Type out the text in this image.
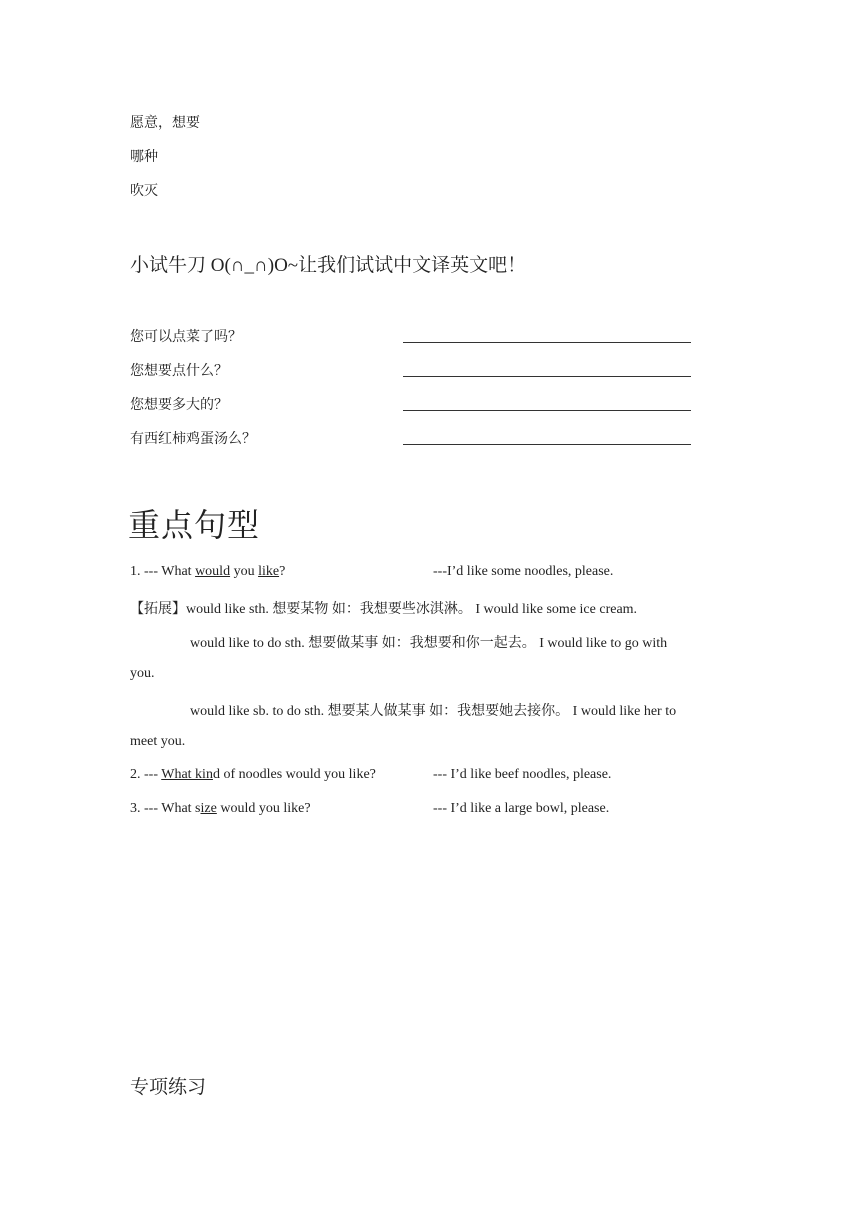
愿意，想要
哪种
吹灭
小试牛刀 O(∩_∩)O~让我们试试中文译英文吧！
您可以点菜了吗？
您想要点什么？
您想要多大的？
有西红柿鸡蛋汤么？
重点句型
1. --- What would you like?	---I’d like some noodles, please.
【拓展】would like sth. 想要某物 如：我想要些冰淇淋。 I would like some ice cream.
would like to do sth. 想要做某事 如：我想要和你一起去。 I would like to go with
you.
would like sb. to do sth. 想要某人做某事 如：我想要她去接你。 I would like her to
meet you.
2. --- What kind of noodles would you like?	--- I’d like beef noodles, please.
3. --- What size would you like?	--- I’d like a large bowl, please.
专项练习
